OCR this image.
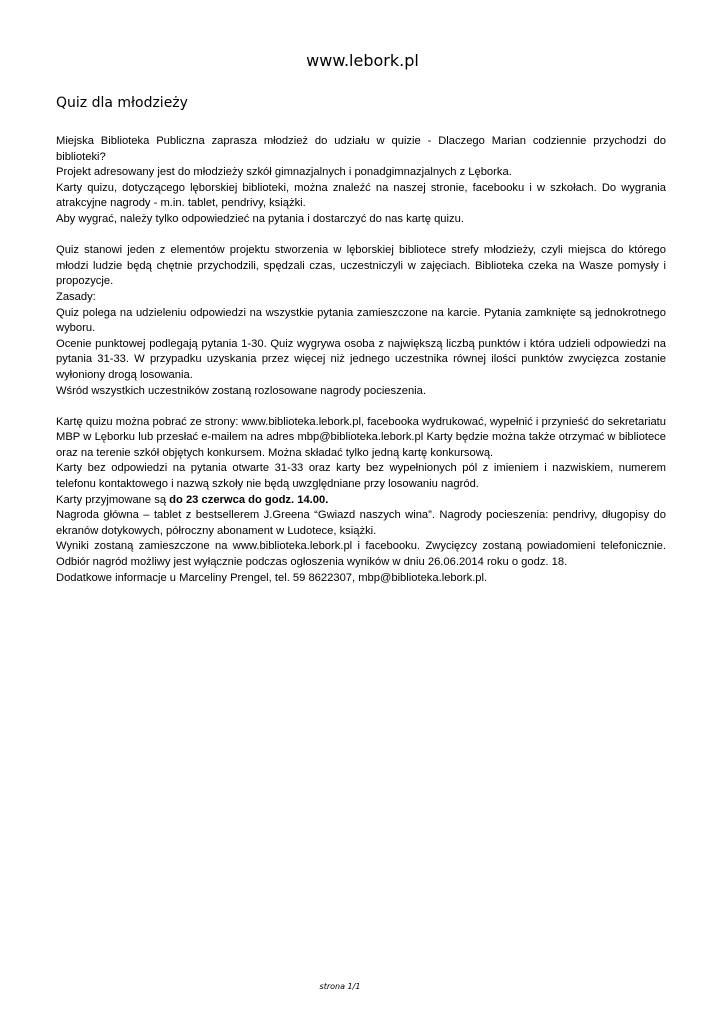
www.lebork.pl
Quiz dla młodzieży

Miejska Biblioteka Publiczna zaprasza młodzież do udziału w quizie - Dlaczego Marian codziennie przychodzi do biblioteki?

Projekt adresowany jest do młodzieży szkół gimnazjalnych i ponadgimnazjalnych z Lęborka.

Karty quizu, dotyczącego lęborskiej biblioteki, można znaleźć na naszej stronie, facebooku i w szkołach. Do wygrania atrakcyjne nagrody - m.in. tablet, pendrivy, książki.

Aby wygrać, należy tylko odpowiedzieć na pytania i dostarczyć do nas kartę quizu.

Quiz stanowi jeden z elementów projektu stworzenia w lęborskiej bibliotece strefy młodzieży, czyli miejsca do którego młodzi ludzie będą chętnie przychodzili, spędzali czas, uczestniczyli w zajęciach. Biblioteka czeka na Wasze pomysły i propozycje.

Zasady:

Quiz polega na udzieleniu odpowiedzi na wszystkie pytania zamieszczone na karcie. Pytania zamknięte są jednokrotnego wyboru.

Ocenie punktowej podlegają pytania 1-30. Quiz wygrywa osoba z największą liczbą punktów i która udzieli odpowiedzi na pytania 31-33. W przypadku uzyskania przez więcej niż jednego uczestnika równej ilości punktów zwycięzca zostanie wyłoniony drogą losowania.

Wśród wszystkich uczestników zostaną rozlosowane nagrody pocieszenia.

Kartę quizu można pobrać ze strony: www.biblioteka.lebork.pl, facebooka wydrukować, wypełnić i przynieść do sekretariatu MBP w Lęborku lub przesłać e-mailem na adres mbp@biblioteka.lebork.pl Karty będzie można także otrzymać w bibliotece oraz na terenie szkół objętych konkursem. Można składać tylko jedną kartę konkursową.

Karty bez odpowiedzi na pytania otwarte 31-33 oraz karty bez wypełnionych pól z imieniem i nazwiskiem, numerem telefonu kontaktowego i nazwą szkoły nie będą uwzględniane przy losowaniu nagród.

Karty przyjmowane są do 23 czerwca do godz. 14.00.

Nagroda główna – tablet z bestsellerem J.Greena “Gwiazd naszych wina”. Nagrody pocieszenia: pendrivy, długopisy do ekranów dotykowych, półroczny abonament w Ludotece, książki.

Wyniki zostaną zamieszczone na www.biblioteka.lebork.pl i facebooku. Zwycięzcy zostaną powiadomieni telefonicznie. Odbiór nagród możliwy jest wyłącznie podczas ogłoszenia wyników w dniu 26.06.2014 roku o godz. 18.

Dodatkowe informacje u Marceliny Prengel, tel. 59 8622307, mbp@biblioteka.lebork.pl.

strona 1/1
